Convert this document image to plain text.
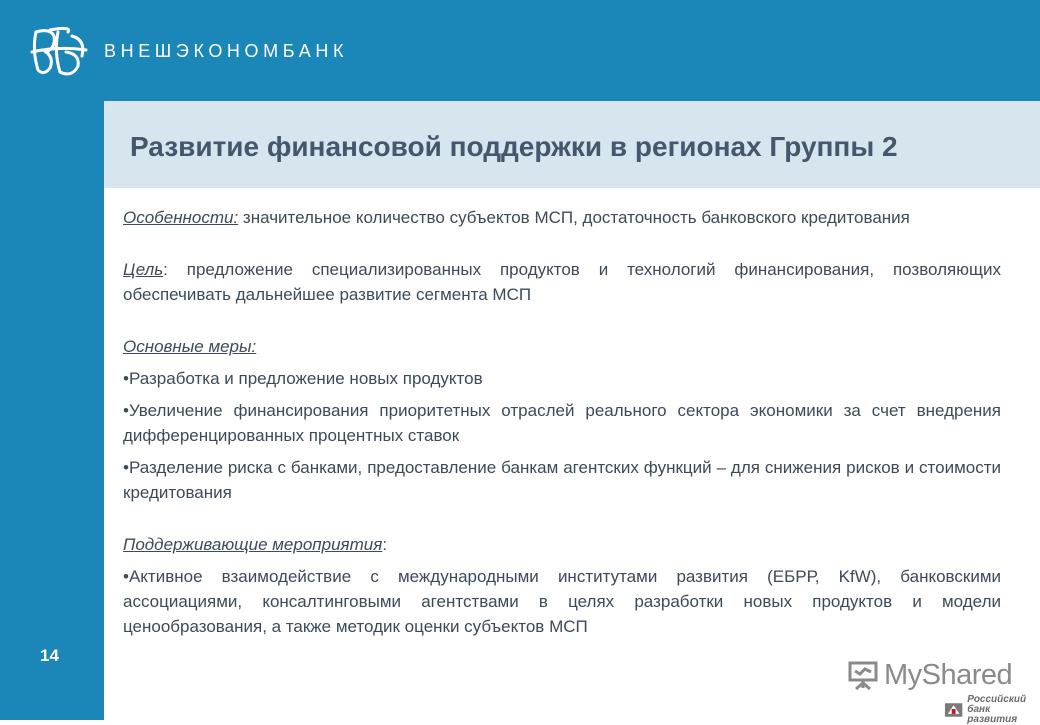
ВНЕШЭКОНОМБАНК
Развитие финансовой поддержки в регионах Группы 2

Особенности: значительное количество субъектов МСП, достаточность банковского кредитования

Цель: предложение специализированных продуктов и технологий финансирования, позволяющих обеспечивать дальнейшее развитие сегмента МСП

Основные меры:

•Разработка и предложение новых продуктов

•Увеличение финансирования приоритетных отраслей реального сектора экономики за счет внедрения дифференцированных процентных ставок

•Разделение риска с банками, предоставление банкам агентских функций – для снижения рисков и стоимости кредитования

Поддерживающие мероприятия:

•Активное взаимодействие с международными институтами развития (ЕБРР, KfW), банковскими ассоциациями, консалтинговыми агентствами в целях разработки новых продуктов и модели ценообразования, а также методик оценки субъектов МСП

14
MyShared
Российский
банк развития
